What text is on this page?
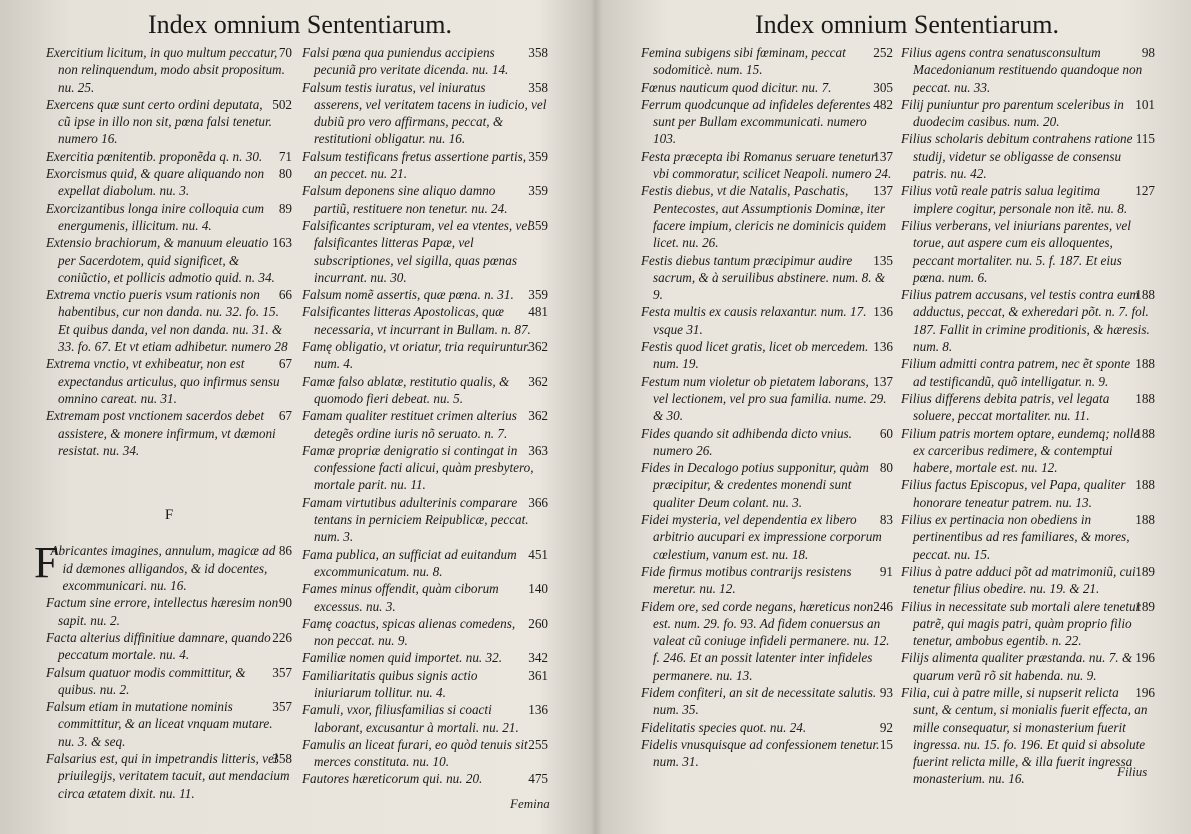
Index omnium Sententiarum.

70
Exercitium licitum, in quo multum peccatur, non relinquendum, modo absit propositum. nu. 25.

502
Exercens quæ sunt certo ordini deputata, cũ ipse in illo non sit, pœna falsi tenetur. numero 16.

71
Exercitia pœnitentib. proponẽda q. n. 30.

80
Exorcismus quid, & quare aliquando non expellat diabolum. nu. 3.

89
Exorcizantibus longa inire colloquia cum energumenis, illicitum. nu. 4.

163
Extensio brachiorum, & manuum eleuatio per Sacerdotem, quid significet, & coniũctio, et pollicis admotio quid. n. 34.

66
Extrema vnctio pueris vsum rationis non habentibus, cur non danda. nu. 32. fo. 15. Et quibus danda, vel non danda. nu. 31. & 33. fo. 67. Et vt etiam adhibetur. numero 28

67
Extrema vnctio, vt exhibeatur, non est expectandus articulus, quo infirmus sensu omnino careat. nu. 31.

67
Extremam post vnctionem sacerdos debet assistere, & monere infirmum, vt dæmoni resistat. nu. 34.

F

F	86
Abricantes imagines, annulum, magicæ ad id dæmones alligandos, & id docentes, excommunicari. nu. 16.

90
Factum sine errore, intellectus hæresim non sapit. nu. 2.

226
Facta alterius diffinitiue damnare, quando peccatum mortale. nu. 4.

357
Falsum quatuor modis committitur, & quibus. nu. 2.

357
Falsum etiam in mutatione nominis committitur, & an liceat vnquam mutare. nu. 3. & seq.

358
Falsarius est, qui in impetrandis litteris, vel priuilegijs, veritatem tacuit, aut mendacium circa ætatem dixit. nu. 11.

358
Falsi pœna qua puniendus accipiens pecuniã pro veritate dicenda. nu. 14.

358
Falsum testis iuratus, vel iniuratus asserens, vel veritatem tacens in iudicio, vel dubiũ pro vero affirmans, peccat, & restitutioni obligatur. nu. 16.

359
Falsum testificans fretus assertione partis, an peccet. nu. 21.

359
Falsum deponens sine aliquo damno partiũ, restituere non tenetur. nu. 24.

359
Falsificantes scripturam, vel ea vtentes, vel falsificantes litteras Papæ, vel subscriptiones, vel sigilla, quas pœnas incurrant. nu. 30.

359
Falsum nomẽ assertis, quæ pœna. n. 31.

481
Falsificantes litteras Apostolicas, quæ necessaria, vt incurrant in Bullam. n. 87.

362
Famę obligatio, vt oriatur, tria requiruntur. num. 4.

362
Famæ falso ablatæ, restitutio qualis, & quomodo fieri debeat. nu. 5.

362
Famam qualiter restituet crimen alterius detegẽs ordine iuris nõ seruato. n. 7.

363
Famæ propriæ denigratio si contingat in confessione facti alicui, quàm presbytero, mortale parit. nu. 11.

366
Famam virtutibus adulterinis comparare tentans in perniciem Reipublicæ, peccat. num. 3.

451
Fama publica, an sufficiat ad euitandum excommunicatum. nu. 8.

140
Fames minus offendit, quàm ciborum excessus. nu. 3.

260
Famę coactus, spicas alienas comedens, non peccat. nu. 9.

342
Familiæ nomen quid importet. nu. 32.

361
Familiaritatis quibus signis actio iniuriarum tollitur. nu. 4.

136
Famuli, vxor, filiusfamilias si coacti laborant, excusantur à mortali. nu. 21.

255
Famulis an liceat furari, eo quòd tenuis sit merces constituta. nu. 10.

475
Fautores hæreticorum qui. nu. 20.

Femina
Index omnium Sententiarum.

252
Femina subigens sibi fœminam, peccat sodomiticè. num. 15.

305
Fœnus nauticum quod dicitur. nu. 7.

482
Ferrum quodcunque ad infideles deferentes sunt per Bullam excommunicati. numero 103.

137
Festa præcepta ibi Romanus seruare tenetur vbi commoratur, scilicet Neapoli. numero 24.

137
Festis diebus, vt die Natalis, Paschatis, Pentecostes, aut Assumptionis Dominæ, iter facere impium, clericis ne dominicis quidem licet. nu. 26.

135
Festis diebus tantum præcipimur audire sacrum, & à seruilibus abstinere. num. 8. & 9.

136
Festa multis ex causis relaxantur. num. 17. vsque 31.

136
Festis quod licet gratis, licet ob mercedem. num. 19.

137
Festum num violetur ob pietatem laborans, vel lectionem, vel pro sua familia. nume. 29. & 30.

60
Fides quando sit adhibenda dicto vnius. numero 26.

80
Fides in Decalogo potius supponitur, quàm præcipitur, & credentes monendi sunt qualiter Deum colant. nu. 3.

83
Fidei mysteria, vel dependentia ex libero arbitrio aucupari ex impressione corporum cœlestium, vanum est. nu. 18.

91
Fide firmus motibus contrarijs resistens meretur. nu. 12.

246
Fidem ore, sed corde negans, hæreticus non est. num. 29. fo. 93. Ad fidem conuersus an valeat cũ coniuge infideli permanere. nu. 12. f. 246. Et an possit latenter inter infideles permanere. nu. 13.

93
Fidem confiteri, an sit de necessitate salutis. num. 35.

92
Fidelitatis species quot. nu. 24.

15
Fidelis vnusquisque ad confessionem tenetur. num. 31.

98
Filius agens contra senatusconsultum Macedonianum restituendo quandoque non peccat. nu. 33.

101
Filij puniuntur pro parentum sceleribus in duodecim casibus. num. 20.

115
Filius scholaris debitum contrahens ratione studij, videtur se obligasse de consensu patris. nu. 42.

127
Filius votũ reale patris salua legitima implere cogitur, personale non itẽ. nu. 8.

Filius verberans, vel iniurians parentes, vel torue, aut aspere cum eis alloquentes, peccant mortaliter. nu. 5. f. 187. Et eius pœna. num. 6.

188
Filius patrem accusans, vel testis contra eum adductus, peccat, & exheredari põt. n. 7. fol. 187. Fallit in crimine proditionis, & hæresis. num. 8.

188
Filium admitti contra patrem, nec ẽt sponte ad testificandũ, quõ intelligatur. n. 9.

188
Filius differens debita patris, vel legata soluere, peccat mortaliter. nu. 11.

188
Filium patris mortem optare, eundemq; nolle ex carceribus redimere, & contemptui habere, mortale est. nu. 12.

188
Filius factus Episcopus, vel Papa, qualiter honorare teneatur patrem. nu. 13.

188
Filius ex pertinacia non obediens in pertinentibus ad res familiares, & mores, peccat. nu. 15.

189
Filius à patre adduci põt ad matrimoniũ, cui tenetur filius obedire. nu. 19. & 21.

189
Filius in necessitate sub mortali alere tenetur patrẽ, qui magis patri, quàm proprio filio tenetur, ambobus egentib. n. 22.

196
Filijs alimenta qualiter præstanda. nu. 7. & quarum verũ rõ sit habenda. nu. 9.

196
Filia, cui à patre mille, si nupserit relicta sunt, & centum, si monialis fuerit effecta, an mille consequatur, si monasterium fuerit ingressa. nu. 15. fo. 196. Et quid si absolute fuerint relicta mille, & illa fuerit ingressa monasterium. nu. 16.	Filius
